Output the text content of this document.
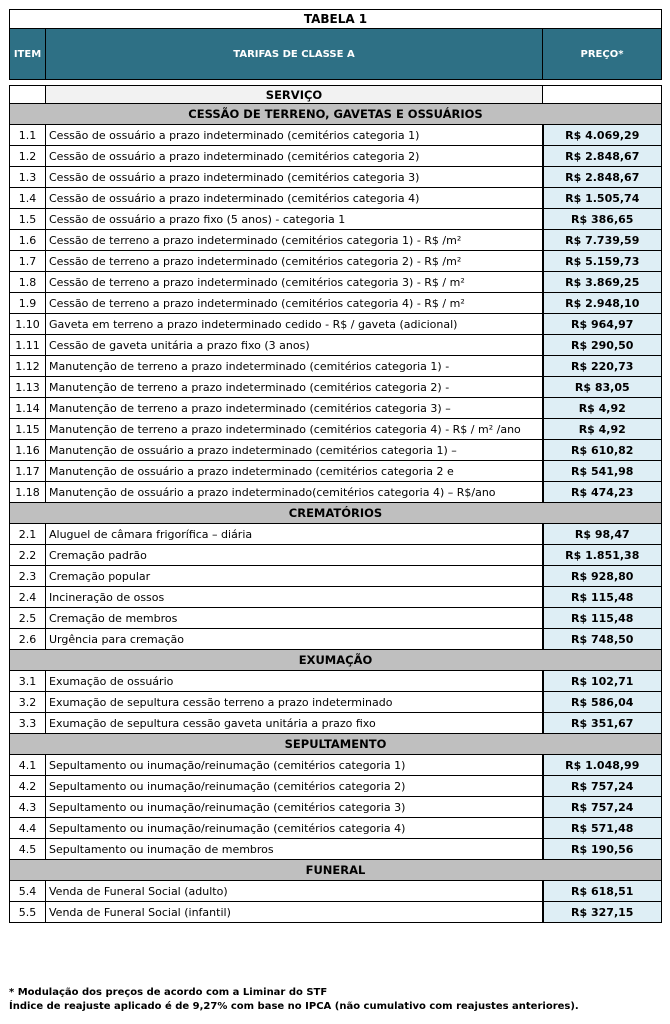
TABELA 1		
ITEM	TARIFAS DE CLASSE A	PREÇO*

	SERVIÇO	
CESSÃO DE TERRENO, GAVETAS E OSSUÁRIOS		
1.1	Cessão de ossuário a prazo indeterminado (cemitérios categoria 1)	R$ 4.069,29
1.2	Cessão de ossuário a prazo indeterminado (cemitérios categoria 2)	R$ 2.848,67
1.3	Cessão de ossuário a prazo indeterminado (cemitérios categoria 3)	R$ 2.848,67
1.4	Cessão de ossuário a prazo indeterminado (cemitérios categoria 4)	R$ 1.505,74
1.5	Cessão de ossuário a prazo fixo (5 anos) - categoria 1	R$ 386,65
1.6	Cessão de terreno a prazo indeterminado (cemitérios categoria 1) - R$ /m²	R$ 7.739,59
1.7	Cessão de terreno a prazo indeterminado (cemitérios categoria 2) - R$ /m²	R$ 5.159,73
1.8	Cessão de terreno a prazo indeterminado (cemitérios categoria 3) - R$ / m²	R$ 3.869,25
1.9	Cessão de terreno a prazo indeterminado (cemitérios categoria 4) - R$ / m²	R$ 2.948,10
1.10	Gaveta em terreno a prazo indeterminado cedido - R$ / gaveta (adicional)	R$ 964,97
1.11	Cessão de gaveta unitária a prazo fixo (3 anos)	R$ 290,50
1.12	Manutenção de terreno a prazo indeterminado (cemitérios categoria 1) -	R$ 220,73
1.13	Manutenção de terreno a prazo indeterminado (cemitérios categoria 2) -	R$ 83,05
1.14	Manutenção de terreno a prazo indeterminado (cemitérios categoria 3) –	R$ 4,92
1.15	Manutenção de terreno a prazo indeterminado (cemitérios categoria 4) - R$ / m² /ano	R$ 4,92
1.16	Manutenção de ossuário a prazo indeterminado (cemitérios categoria 1) –	R$ 610,82
1.17	Manutenção de ossuário a prazo indeterminado (cemitérios categoria 2 e	R$ 541,98
1.18	Manutenção de ossuário a prazo indeterminado(cemitérios categoria 4) – R$/ano	R$ 474,23
CREMATÓRIOS		
2.1	Aluguel de câmara frigorífica – diária	R$ 98,47
2.2	Cremação padrão	R$ 1.851,38
2.3	Cremação popular	R$ 928,80
2.4	Incineração de ossos	R$ 115,48
2.5	Cremação de membros	R$ 115,48
2.6	Urgência para cremação	R$ 748,50
EXUMAÇÃO		
3.1	Exumação de ossuário	R$ 102,71
3.2	Exumação de sepultura cessão terreno a prazo indeterminado	R$ 586,04
3.3	Exumação de sepultura cessão gaveta unitária a prazo fixo	R$ 351,67
SEPULTAMENTO		
4.1	Sepultamento ou inumação/reinumação (cemitérios categoria 1)	R$ 1.048,99
4.2	Sepultamento ou inumação/reinumação (cemitérios categoria 2)	R$ 757,24
4.3	Sepultamento ou inumação/reinumação (cemitérios categoria 3)	R$ 757,24
4.4	Sepultamento ou inumação/reinumação (cemitérios categoria 4)	R$ 571,48
4.5	Sepultamento ou inumação de membros	R$ 190,56
FUNERAL		
5.4	Venda de Funeral Social (adulto)	R$ 618,51
5.5	Venda de Funeral Social (infantil)	R$ 327,15
* Modulação dos preços de acordo com a Liminar do STF
Índice de reajuste aplicado é de 9,27% com base no IPCA (não cumulativo com reajustes anteriores).
